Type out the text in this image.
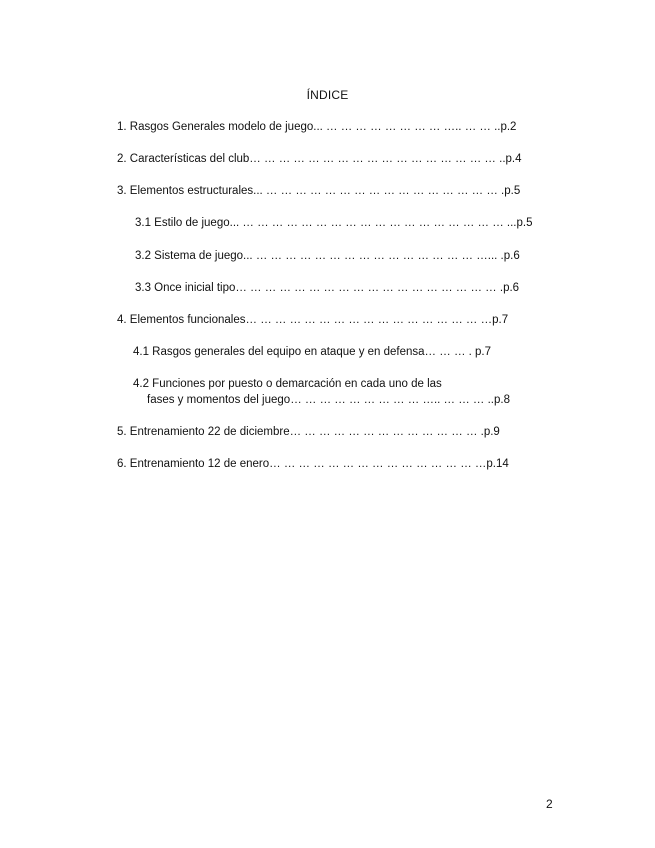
ÍNDICE
1. Rasgos Generales modelo de juego... … … … … … … … … ….. … … ..p.2
2. Características del club… … … … … … … … … … … … … … … … … ..p.4
3. Elementos estructurales... … … … … … … … … … … … … … … … … .p.5
3.1 Estilo de juego... … … … … … … … … … … … … … … … … … … ...p.5
3.2 Sistema de juego... … … … … … … … … … … … … … … … …... .p.6
3.3 Once inicial tipo… … … … … … … … … … … … … … … … … … .p.6
4. Elementos funcionales… … … … … … … … … … … … … … … … …p.7
4.1 Rasgos generales del equipo en ataque y en defensa… … … . p.7
4.2 Funciones por puesto o demarcación en cada uno de las
fases y momentos del juego… … … … … … … … … ….. … … … ..p.8
5. Entrenamiento 22 de diciembre… … … … … … … … … … … … … .p.9
6. Entrenamiento 12 de enero… … … … … … … … … … … … … … …p.14
2
